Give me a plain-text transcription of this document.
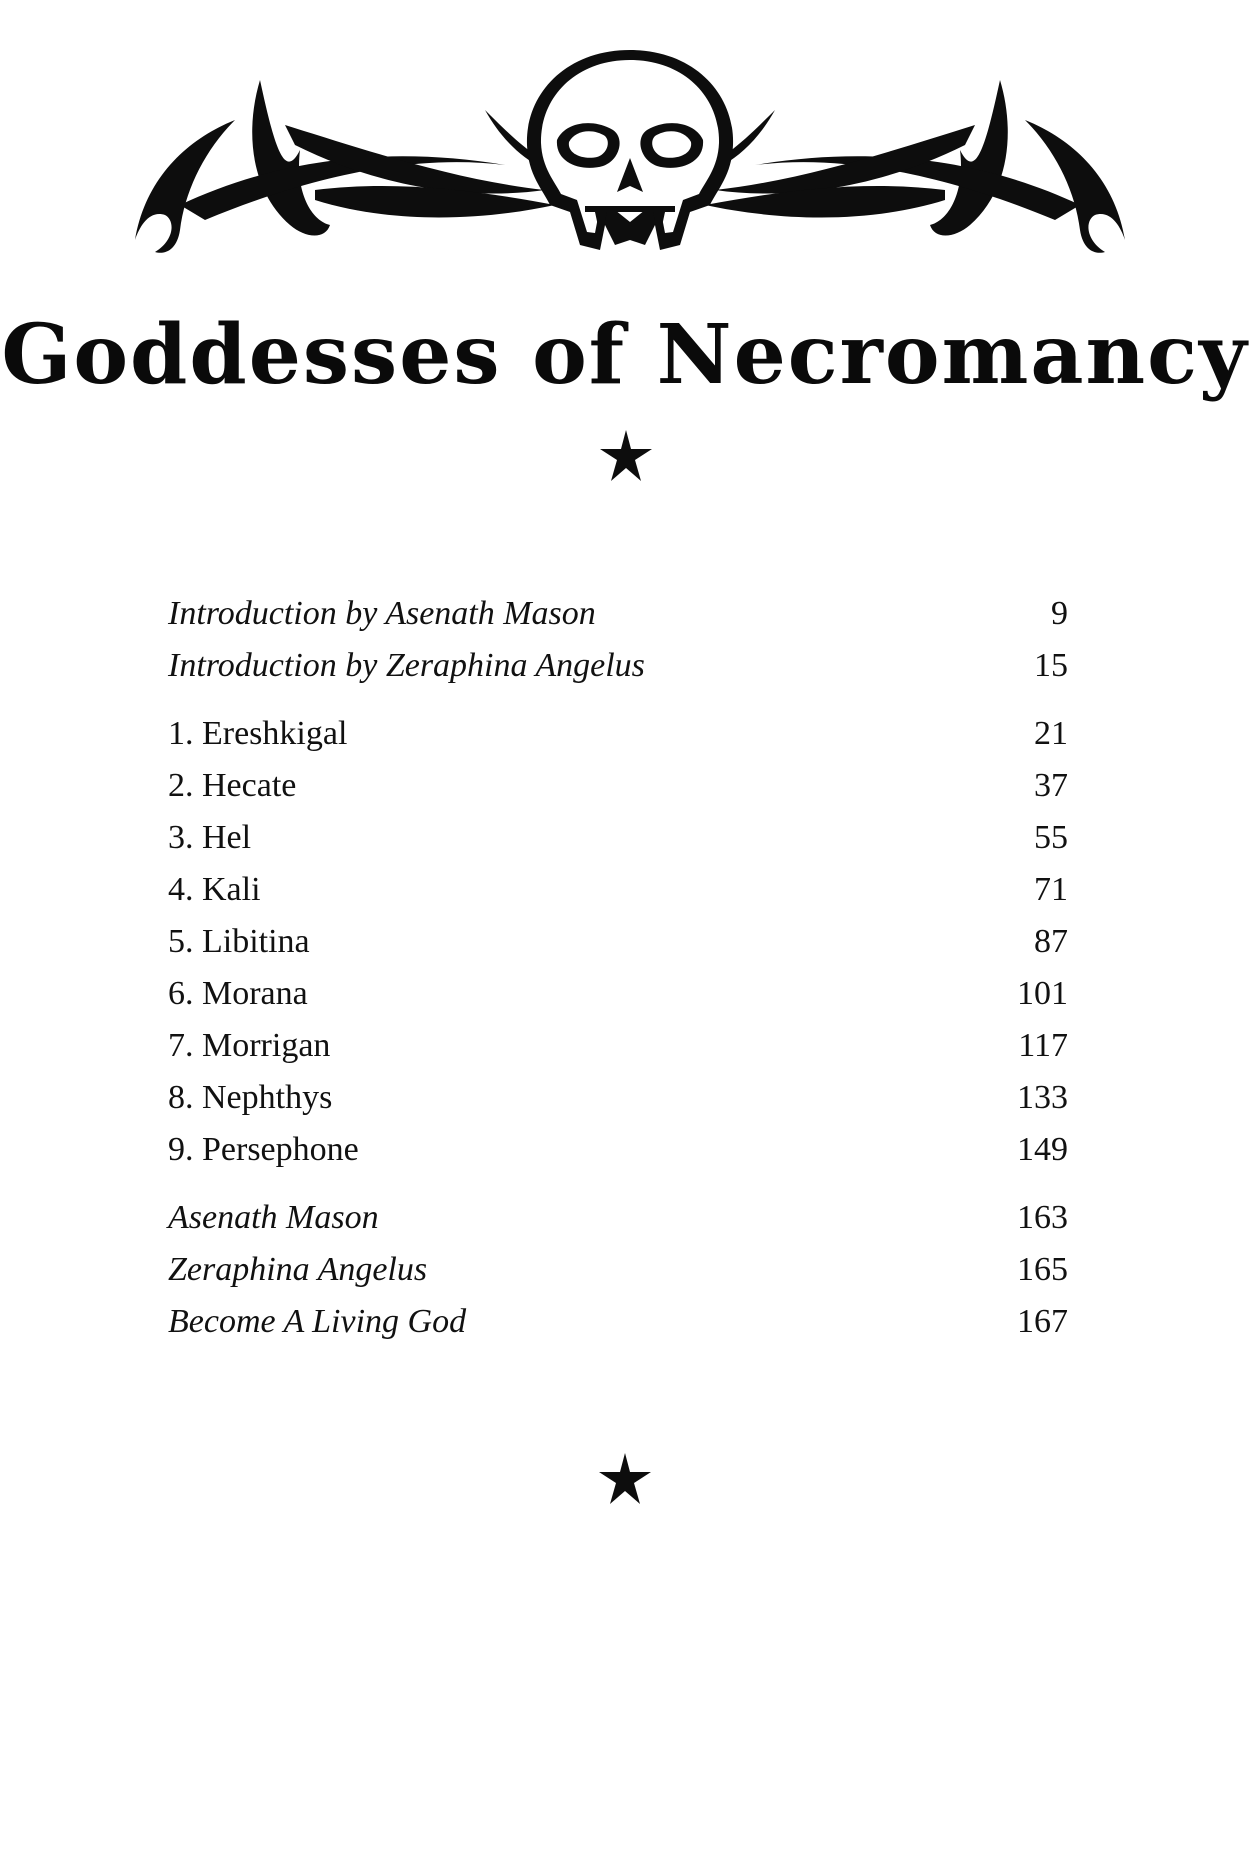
Goddesses of Necromancy
Introduction by Asenath Mason	9
Introduction by Zeraphina Angelus	15
1. Ereshkigal	21
2. Hecate	37
3. Hel	55
4. Kali	71
5. Libitina	87
6. Morana	101
7. Morrigan	117
8. Nephthys	133
9. Persephone	149
Asenath Mason	163
Zeraphina Angelus	165
Become A Living God	167
